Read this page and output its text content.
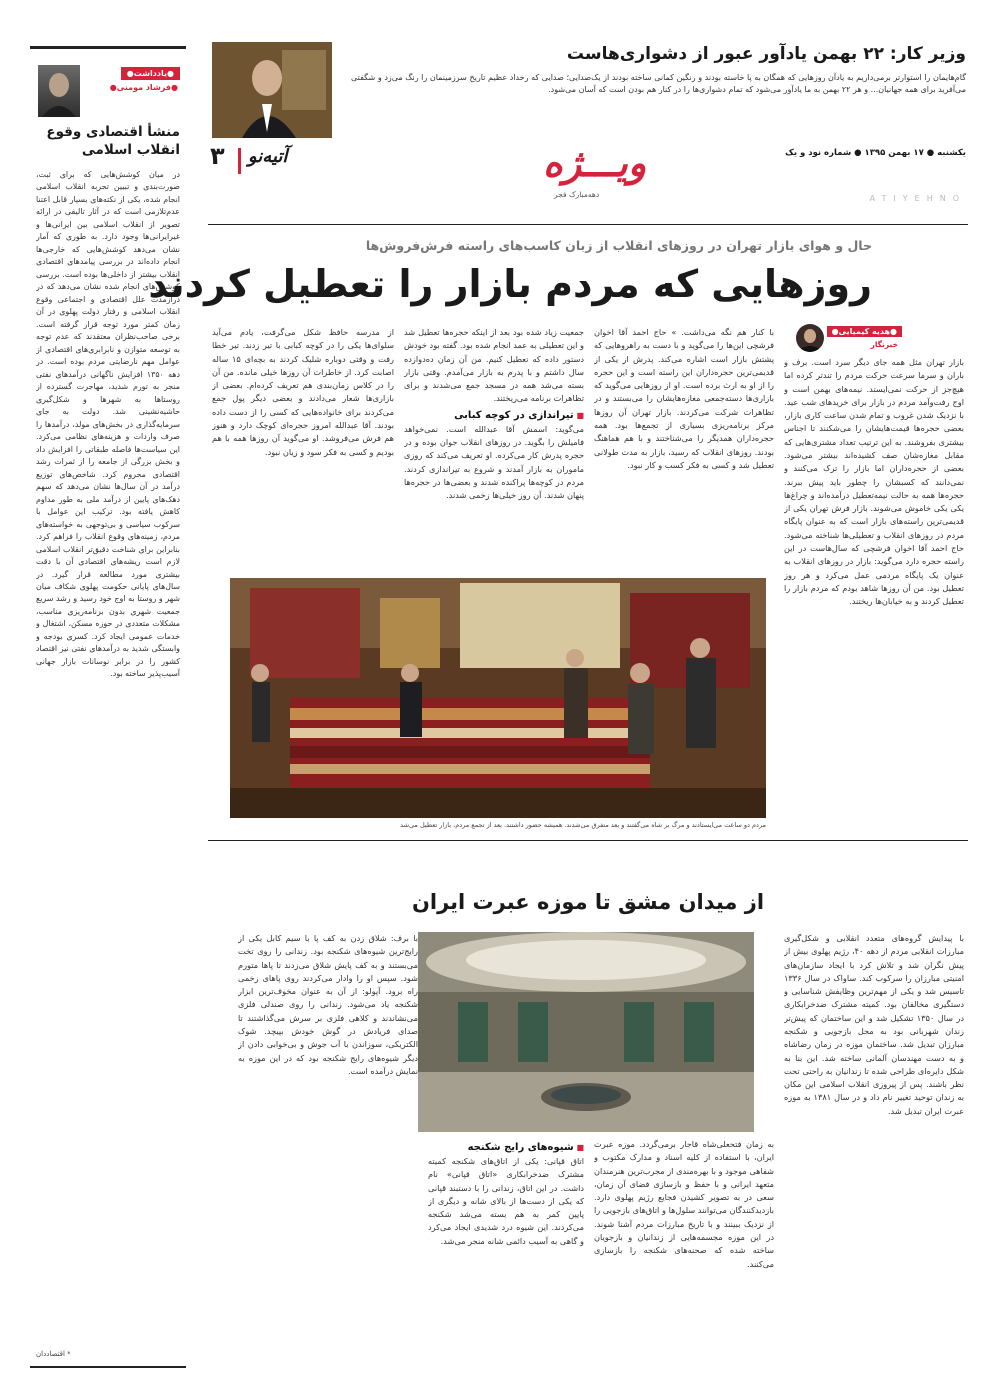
●یادداشت●
●فرشاد مومنی●
منشأ اقتصادی وقوع انقلاب اسلامی
در میان کوشش‌هایی که برای ثبت، صورت‌بندی و تبیین تجربه انقلاب اسلامی انجام شده، یکی از نکته‌های بسیار قابل اعتنا عدم‌تلازمی است که در آثار تالیفی در ارائه تصویر از انقلاب اسلامی بین ایرانی‌ها و غیرایرانی‌ها وجود دارد. به طوری که آمار نشان می‌دهد کوشش‌هایی که خارجی‌ها انجام داده‌اند در بررسی پیامدهای اقتصادی انقلاب بیشتر از داخلی‌ها بوده است. بررسی کوشش‌های انجام شده نشان می‌دهد که در درازمدت علل اقتصادی و اجتماعی وقوع انقلاب اسلامی و رفتار دولت پهلوی در آن زمان کمتر مورد توجه قرار گرفته است. برخی صاحب‌نظران معتقدند که عدم توجه به توسعه متوازن و نابرابری‌های اقتصادی از عوامل مهم نارضایتی مردم بوده است. در دهه ۱۳۵۰ افزایش ناگهانی درآمدهای نفتی منجر به تورم شدید، مهاجرت گسترده از روستاها به شهرها و شکل‌گیری حاشیه‌نشینی شد. دولت به جای سرمایه‌گذاری در بخش‌های مولد، درآمدها را صرف واردات و هزینه‌های نظامی می‌کرد. این سیاست‌ها فاصله طبقاتی را افزایش داد و بخش بزرگی از جامعه را از ثمرات رشد اقتصادی محروم کرد. شاخص‌های توزیع درآمد در آن سال‌ها نشان می‌دهد که سهم دهک‌های پایین از درآمد ملی به طور مداوم کاهش یافته بود. ترکیب این عوامل با سرکوب سیاسی و بی‌توجهی به خواسته‌های مردم، زمینه‌های وقوع انقلاب را فراهم کرد. بنابراین برای شناخت دقیق‌تر انقلاب اسلامی لازم است ریشه‌های اقتصادی آن با دقت بیشتری مورد مطالعه قرار گیرد. در سال‌های پایانی حکومت پهلوی شکاف میان شهر و روستا به اوج خود رسید و رشد سریع جمعیت شهری بدون برنامه‌ریزی مناسب، مشکلات متعددی در حوزه مسکن، اشتغال و خدمات عمومی ایجاد کرد. کسری بودجه و وابستگی شدید به درآمدهای نفتی نیز اقتصاد کشور را در برابر نوسانات بازار جهانی آسیب‌پذیر ساخته بود.
* اقتصاددان
وزیر کار: ۲۲ بهمن یادآور عبور از دشواری‌هاست
گام‌هایمان را استوارتر برمی‌داریم به یادآن روزهایی که همگان به پا خاسته بودند و رنگین کمانی ساخته بودند از یک‌صدایی؛ صدایی که رخداد عظیم تاریخ سرزمینمان را رنگ می‌زد و شگفتی می‌آفرید برای همه جهانیان... و هر ۲۲ بهمن به ما یادآور می‌شود که تمام دشواری‌ها را در کنار هم بودن است که آسان می‌شود.
یکشنبه ● ۱۷ بهمن ۱۳۹۵ ● شماره نود و یک
ویـــژه
دهه‌مبارک فجر	ATIYEHNO
آتیه‌نو
۳
حال و هوای بازار تهران در روزهای انقلاب از زبان کاسب‌های راسته فرش‌فروش‌ها
روزهایی که مردم بازار را تعطیل کردند
●هدیه کیمیایی●
خبرنگار
بازار تهران مثل همه جای دیگر سرد است. برف و باران و سرما سرعت حرکت مردم را تندتر کرده اما هیچ‌جز از حرکت نمی‌ایستد. نیمه‌های بهمن است و اوج رفت‌وآمد مردم در بازار برای خریدهای شب عید. با نزدیک شدن غروب و تمام شدن ساعت کاری بازار، بعضی حجره‌ها قیمت‌هایشان را می‌شکنند تا اجناس بیشتری بفروشند. به این ترتیب تعداد مشتری‌هایی که مقابل مغازه‌شان صف کشیده‌اند بیشتر می‌شود. بعضی از حجره‌داران اما بازار را ترک می‌کنند و نمی‌دانند که کسبشان را چطور باید پیش ببرند. حجره‌ها همه به حالت نیمه‌تعطیل درآمده‌اند و چراغ‌ها یکی یکی خاموش می‌شوند. بازار فرش تهران یکی از قدیمی‌ترین راسته‌های بازار است که به عنوان پایگاه مردم در روزهای انقلاب و تعطیلی‌ها شناخته می‌شود. حاج احمد آقا اخوان فرشچی که سال‌هاست در این راسته حجره دارد می‌گوید: بازار در روزهای انقلاب به عنوان یک پایگاه مردمی عمل می‌کرد و هر روز تعطیل بود. من آن روزها شاهد بودم که مردم بازار را تعطیل کردند و به خیابان‌ها ریختند.
با کنار هم نگه می‌داشت. » حاج احمد آقا اخوان فرشچی این‌ها را می‌گوید و با دست به راهروهایی که پشتش بازار است اشاره می‌کند. پدرش از یکی از قدیمی‌ترین حجره‌داران این راسته است و این حجره را از او به ارث برده است. او از روزهایی می‌گوید که بازاری‌ها دسته‌جمعی مغازه‌هایشان را می‌بستند و در تظاهرات شرکت می‌کردند. بازار تهران آن روزها مرکز برنامه‌ریزی بسیاری از تجمع‌ها بود. همه حجره‌داران همدیگر را می‌شناختند و با هم هماهنگ بودند. روزهای انقلاب که رسید، بازار به مدت طولانی تعطیل شد و کسی به فکر کسب و کار نبود.
جمعیت زیاد شده بود بعد از اینکه حجره‌ها تعطیل شد و این تعطیلی به عمد انجام شده بود. گفته بود خودش دستور داده که تعطیل کنیم. من آن زمان ده‌دوازده سال داشتم و با پدرم به بازار می‌آمدم. وقتی بازار بسته می‌شد همه در مسجد جمع می‌شدند و برای تظاهرات برنامه می‌ریختند.
■ تیراندازی در کوچه کبابی
می‌گوید: اسمش آقا عبدالله است. نمی‌خواهد فامیلش را بگوید. در روزهای انقلاب جوان بوده و در حجره پدرش کار می‌کرده. او تعریف می‌کند که روزی ماموران به بازار آمدند و شروع به تیراندازی کردند. مردم در کوچه‌ها پراکنده شدند و بعضی‌ها در حجره‌ها پنهان شدند. آن روز خیلی‌ها زخمی شدند.
از مدرسه حافظ شکل می‌گرفت، یادم می‌آید سلوای‌ها یکی را در کوچه کبابی با تیر زدند. تیر خطا رفت و وقتی دوباره شلیک کردند به بچه‌ای ۱۵ ساله اصابت کرد. از خاطرات آن روزها خیلی مانده. من آن را در کلاس زمان‌بندی هم تعریف کرده‌ام. بعضی از بازاری‌ها شعار می‌دادند و بعضی دیگر پول جمع می‌کردند برای خانواده‌هایی که کسی را از دست داده بودند. آقا عبدالله امروز حجره‌ای کوچک دارد و هنوز هم فرش می‌فروشد. او می‌گوید آن روزها همه با هم بودیم و کسی به فکر سود و زیان نبود.
مردم دو ساعت می‌ایستادند و مرگ بر شاه می‌گفتند و بعد متفرق می‌شدند. همیشه حضور داشتند. بعد از تجمع مردم، بازار تعطیل می‌شد
از میدان مشق تا موزه عبرت ایران
با پیدایش گروه‌های متعدد انقلابی و شکل‌گیری مبارزات انقلابی مردم از دهه ۴۰، رژیم پهلوی بیش از پیش نگران شد و تلاش کرد با ایجاد سازمان‌های امنیتی مبارزان را سرکوب کند. ساواک در سال ۱۳۳۶ تاسیس شد و یکی از مهم‌ترین وظایفش شناسایی و دستگیری مخالفان بود. کمیته مشترک ضدخرابکاری در سال ۱۳۵۰ تشکیل شد و این ساختمان که پیش‌تر زندان شهربانی بود به محل بازجویی و شکنجه مبارزان تبدیل شد. ساختمان موزه در زمان رضاشاه و به دست مهندسان آلمانی ساخته شد. این بنا به شکل دایره‌ای طراحی شده تا زندانیان به راحتی تحت نظر باشند. پس از پیروزی انقلاب اسلامی این مکان به زندان توحید تغییر نام داد و در سال ۱۳۸۱ به موزه عبرت ایران تبدیل شد.
به زمان فتحعلی‌شاه قاجار برمی‌گردد. موزه عبرت ایران، با استفاده از کلیه اسناد و مدارک مکتوب و شفاهی موجود و با بهره‌مندی از مجرب‌ترین هنرمندان متعهد ایرانی و با حفظ و بازسازی فضای آن زمان، سعی در به تصویر کشیدن فجایع رژیم پهلوی دارد. بازدیدکنندگان می‌توانند سلول‌ها و اتاق‌های بازجویی را از نزدیک ببینند و با تاریخ مبارزات مردم آشنا شوند. در این موزه مجسمه‌هایی از زندانیان و بازجویان ساخته شده که صحنه‌های شکنجه را بازسازی می‌کنند.
■ شیوه‌های رایج شکنجه
اتاق قپانی: یکی از اتاق‌های شکنجه کمیته مشترک ضدخرابکاری «اتاق قپانی» نام داشت. در این اتاق، زندانی را با دستبند قپانی که یکی از دست‌ها از بالای شانه و دیگری از پایین کمر به هم بسته می‌شد شکنجه می‌کردند. این شیوه درد شدیدی ایجاد می‌کرد و گاهی به آسیب دائمی شانه منجر می‌شد.
با برف: شلاق زدن به کف پا با سیم کابل یکی از رایج‌ترین شیوه‌های شکنجه بود. زندانی را روی تخت می‌بستند و به کف پایش شلاق می‌زدند تا پاها متورم شود. سپس او را وادار می‌کردند روی پاهای زخمی راه برود. آپولو: از آن به عنوان مخوف‌ترین ابزار شکنجه یاد می‌شود. زندانی را روی صندلی فلزی می‌نشاندند و کلاهی فلزی بر سرش می‌گذاشتند تا صدای فریادش در گوش خودش بپیچد. شوک الکتریکی، سوزاندن با آب جوش و بی‌خوابی دادن از دیگر شیوه‌های رایج شکنجه بود که در این موزه به نمایش درآمده است.
